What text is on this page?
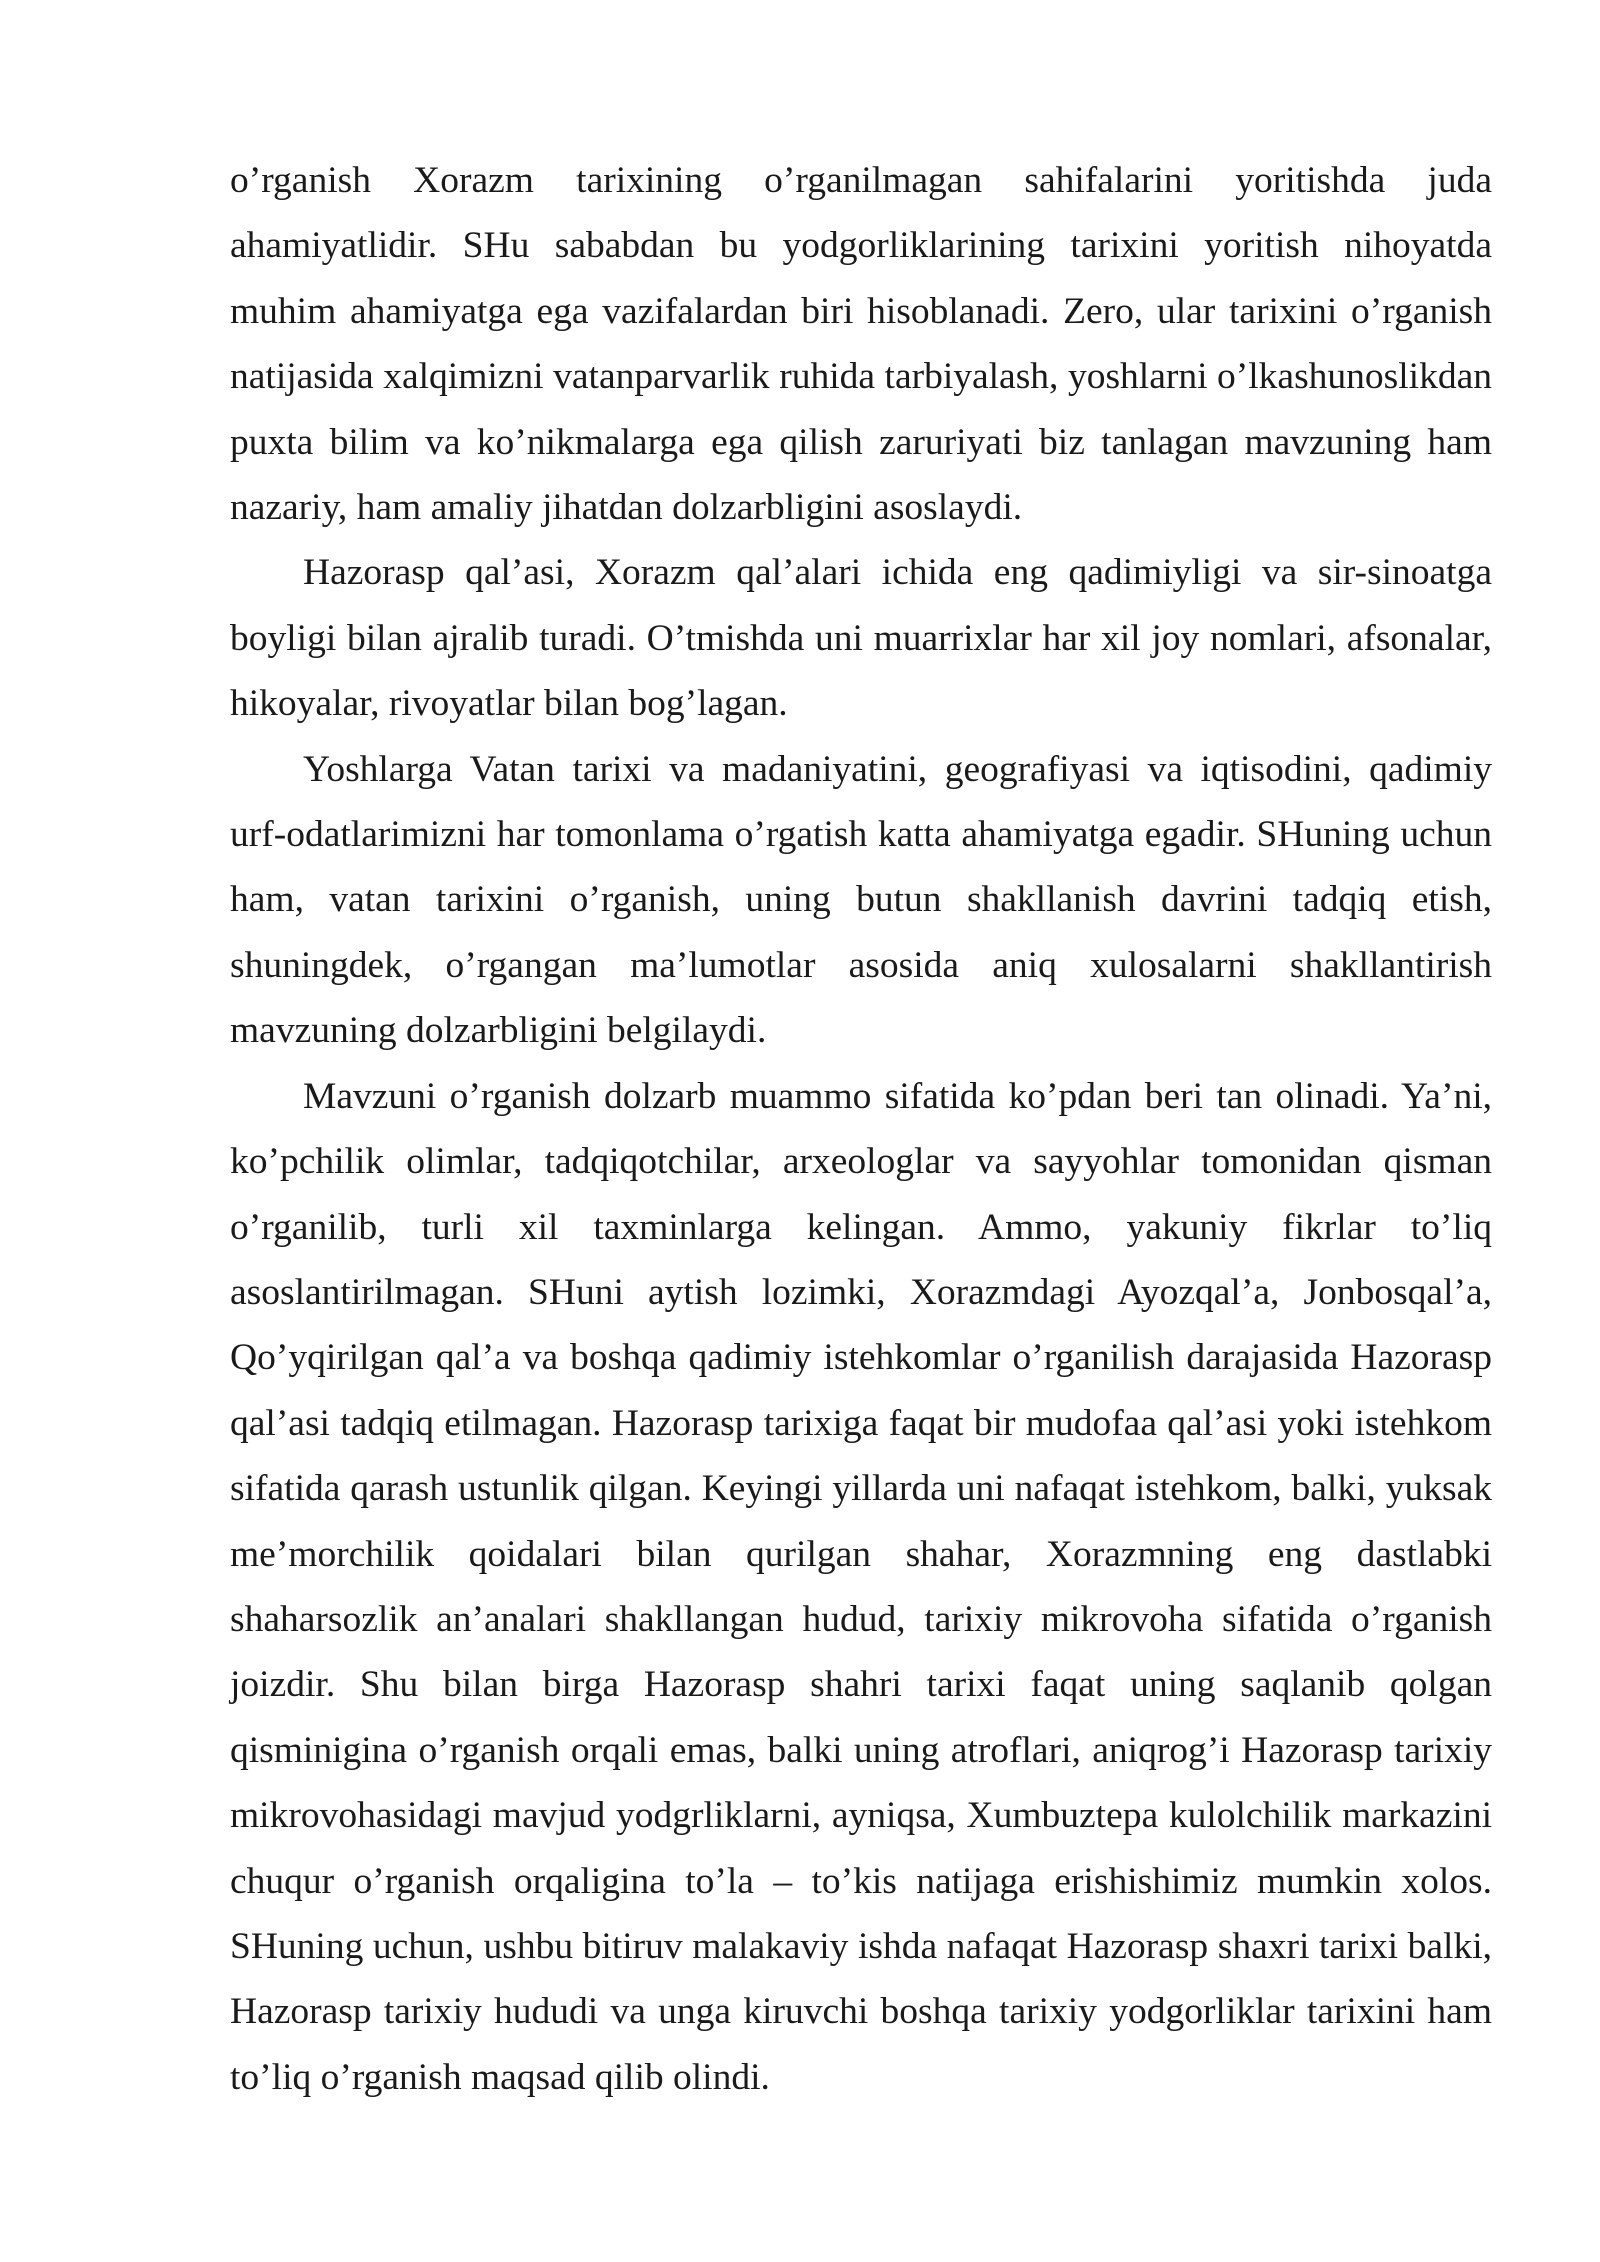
o’rganish Xorazm tarixining o’rganilmagan sahifalarini yoritishda juda ahamiyatlidir. SHu sababdan bu yodgorliklarining tarixini yoritish nihoyatda muhim ahamiyatga ega vazifalardan biri hisoblanadi. Zero, ular tarixini o’rganish natijasida xalqimizni vatanparvarlik ruhida tarbiyalash, yoshlarni o’lkashunoslikdan puxta bilim va ko’nikmalarga ega qilish zaruriyati biz tanlagan mavzuning ham nazariy, ham amaliy jihatdan dolzarbligini asoslaydi.

Hazorasp qal’asi, Xorazm qal’alari ichida eng qadimiyligi va sir-sinoatga boyligi bilan ajralib turadi. O’tmishda uni muarrixlar har xil joy nomlari, afsonalar, hikoyalar, rivoyatlar bilan bog’lagan.

Yoshlarga Vatan tarixi va madaniyatini, geografiyasi va iqtisodini, qadimiy urf-odatlarimizni har tomonlama o’rgatish katta ahamiyatga egadir. SHuning uchun ham, vatan tarixini o’rganish, uning butun shakllanish davrini tadqiq etish, shuningdek, o’rgangan ma’lumotlar asosida aniq xulosalarni shakllantirish mavzuning dolzarbligini belgilaydi.

Mavzuni o’rganish dolzarb muammo sifatida ko’pdan beri tan olinadi. Ya’ni, ko’pchilik olimlar, tadqiqotchilar, arxeologlar va sayyohlar tomonidan qisman o’rganilib, turli xil taxminlarga kelingan. Ammo, yakuniy fikrlar to’liq asoslantirilmagan. SHuni aytish lozimki, Xorazmdagi Ayozqal’a, Jonbosqal’a, Qo’yqirilgan qal’a va boshqa qadimiy istehkomlar o’rganilish darajasida Hazorasp qal’asi tadqiq etilmagan. Hazorasp tarixiga faqat bir mudofaa qal’asi yoki istehkom sifatida qarash ustunlik qilgan. Keyingi yillarda uni nafaqat istehkom, balki, yuksak me’morchilik qoidalari bilan qurilgan shahar, Xorazmning eng dastlabki shaharsozlik an’analari shakllangan hudud, tarixiy mikrovoha sifatida o’rganish joizdir. Shu bilan birga Hazorasp shahri tarixi faqat uning saqlanib qolgan qisminigina o’rganish orqali emas, balki uning atroflari, aniqrog’i Hazorasp tarixiy mikrovohasidagi mavjud yodgrliklarni, ayniqsa, Xumbuztepa kulolchilik markazini chuqur o’rganish orqaligina to’la – to’kis natijaga erishishimiz mumkin xolos. SHuning uchun, ushbu bitiruv malakaviy ishda nafaqat Hazorasp shaxri tarixi balki, Hazorasp tarixiy hududi va unga kiruvchi boshqa tarixiy yodgorliklar tarixini ham to’liq o’rganish maqsad qilib olindi.
